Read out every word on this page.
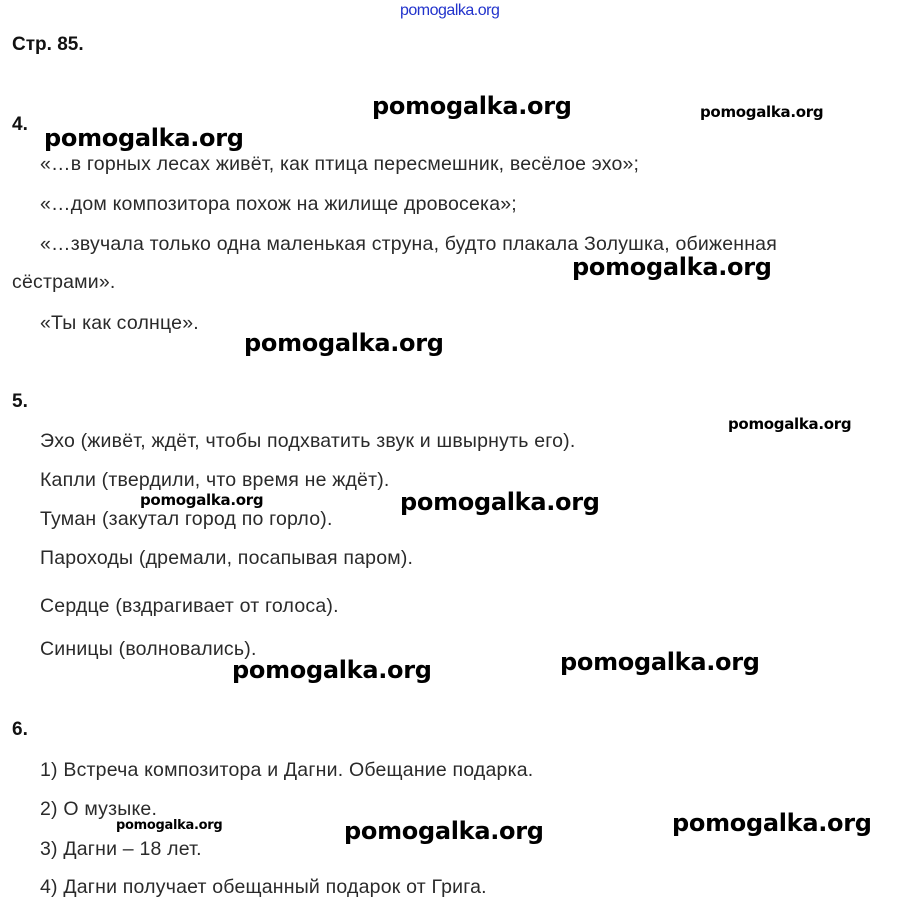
pomogalka.org
Стр. 85.
4.
«…в горных лесах живёт, как птица пересмешник, весёлое эхо»;
«…дом композитора похож на жилище дровосека»;
«…звучала только одна маленькая струна, будто плакала Золушка, обиженная
сёстрами».
«Ты как солнце».
5.
Эхо (живёт, ждёт, чтобы подхватить звук и швырнуть его).
Капли (твердили, что время не ждёт).
Туман (закутал город по горло).
Пароходы (дремали, посапывая паром).
Сердце (вздрагивает от голоса).
Синицы (волновались).
6.
1) Встреча композитора и Дагни. Обещание подарка.
2) О музыке.
3) Дагни – 18 лет.
4) Дагни получает обещанный подарок от Грига.
pomogalka.org	pomogalka.org
pomogalka.org
pomogalka.org
pomogalka.org
pomogalka.org
pomogalka.org	pomogalka.org
pomogalka.org
pomogalka.org
pomogalka.org	pomogalka.org	pomogalka.org
